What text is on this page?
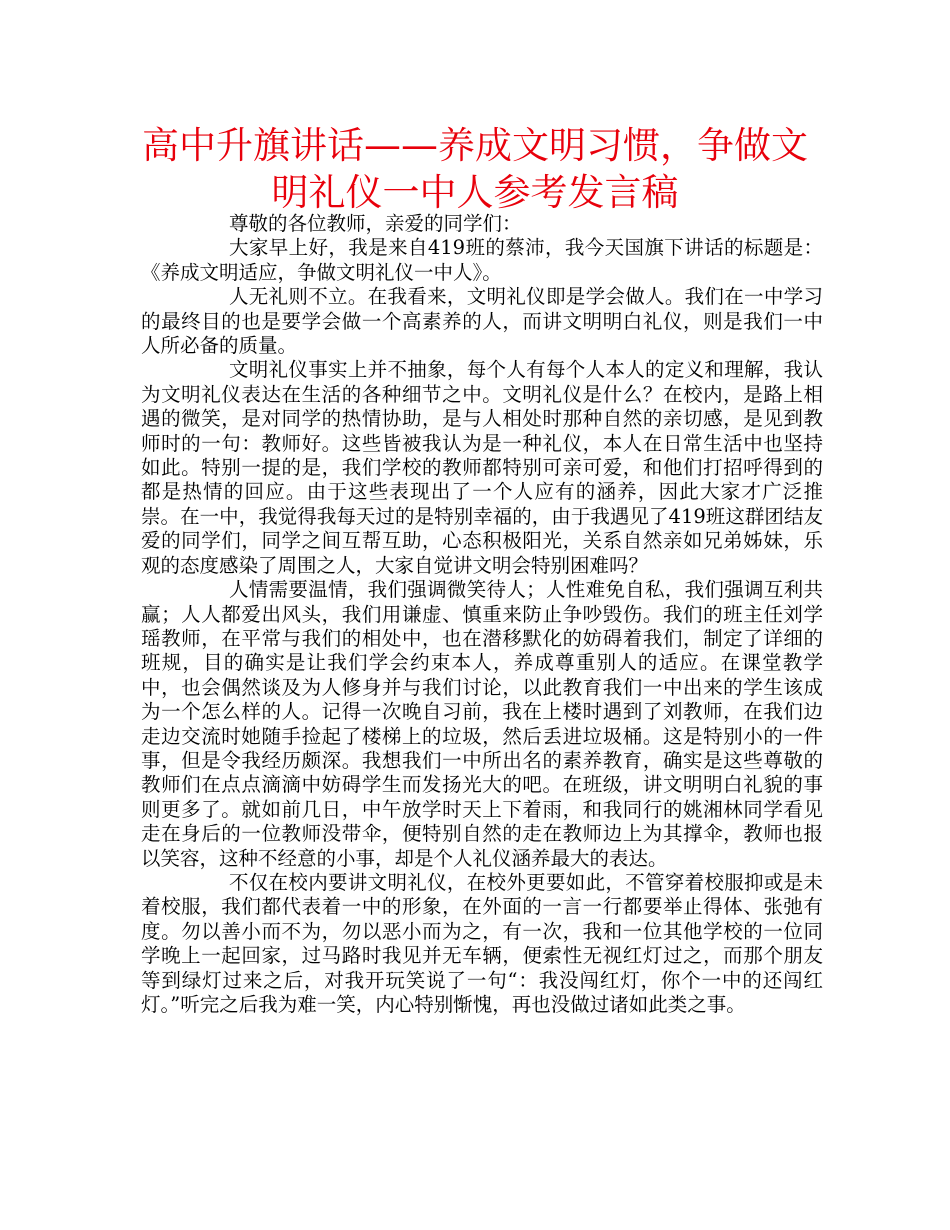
高中升旗讲话——养成文明习惯，争做文
明礼仪一中人参考发言稿

尊敬的各位教师，亲爱的同学们：

大家早上好，我是来自419班的蔡沛，我今天国旗下讲话的标题是：《养成文明适应，争做文明礼仪一中人》。

人无礼则不立。在我看来，文明礼仪即是学会做人。我们在一中学习的最终目的也是要学会做一个高素养的人，而讲文明明白礼仪，则是我们一中人所必备的质量。

文明礼仪事实上并不抽象，每个人有每个人本人的定义和理解，我认为文明礼仪表达在生活的各种细节之中。文明礼仪是什么？在校内，是路上相遇的微笑，是对同学的热情协助，是与人相处时那种自然的亲切感，是见到教师时的一句：教师好。这些皆被我认为是一种礼仪，本人在日常生活中也坚持如此。特别一提的是，我们学校的教师都特别可亲可爱，和他们打招呼得到的都是热情的回应。由于这些表现出了一个人应有的涵养，因此大家才广泛推崇。在一中，我觉得我每天过的是特别幸福的，由于我遇见了419班这群团结友爱的同学们，同学之间互帮互助，心态积极阳光，关系自然亲如兄弟姊妹，乐观的态度感染了周围之人，大家自觉讲文明会特别困难吗？

人情需要温情，我们强调微笑待人；人性难免自私，我们强调互利共赢；人人都爱出风头，我们用谦虚、慎重来防止争吵毁伤。我们的班主任刘学瑶教师，在平常与我们的相处中，也在潜移默化的妨碍着我们，制定了详细的班规，目的确实是让我们学会约束本人，养成尊重别人的适应。在课堂教学中，也会偶然谈及为人修身并与我们讨论，以此教育我们一中出来的学生该成为一个怎么样的人。记得一次晚自习前，我在上楼时遇到了刘教师，在我们边走边交流时她随手捡起了楼梯上的垃圾，然后丢进垃圾桶。这是特别小的一件事，但是令我经历颇深。我想我们一中所出名的素养教育，确实是这些尊敬的教师们在点点滴滴中妨碍学生而发扬光大的吧。在班级，讲文明明白礼貌的事则更多了。就如前几日，中午放学时天上下着雨，和我同行的姚湘林同学看见走在身后的一位教师没带伞，便特别自然的走在教师边上为其撑伞，教师也报以笑容，这种不经意的小事，却是个人礼仪涵养最大的表达。

不仅在校内要讲文明礼仪，在校外更要如此，不管穿着校服抑或是未着校服，我们都代表着一中的形象，在外面的一言一行都要举止得体、张弛有度。勿以善小而不为，勿以恶小而为之，有一次，我和一位其他学校的一位同学晚上一起回家，过马路时我见并无车辆，便索性无视红灯过之，而那个朋友等到绿灯过来之后，对我开玩笑说了一句“：我没闯红灯，你个一中的还闯红灯。”听完之后我为难一笑，内心特别惭愧，再也没做过诸如此类之事。
